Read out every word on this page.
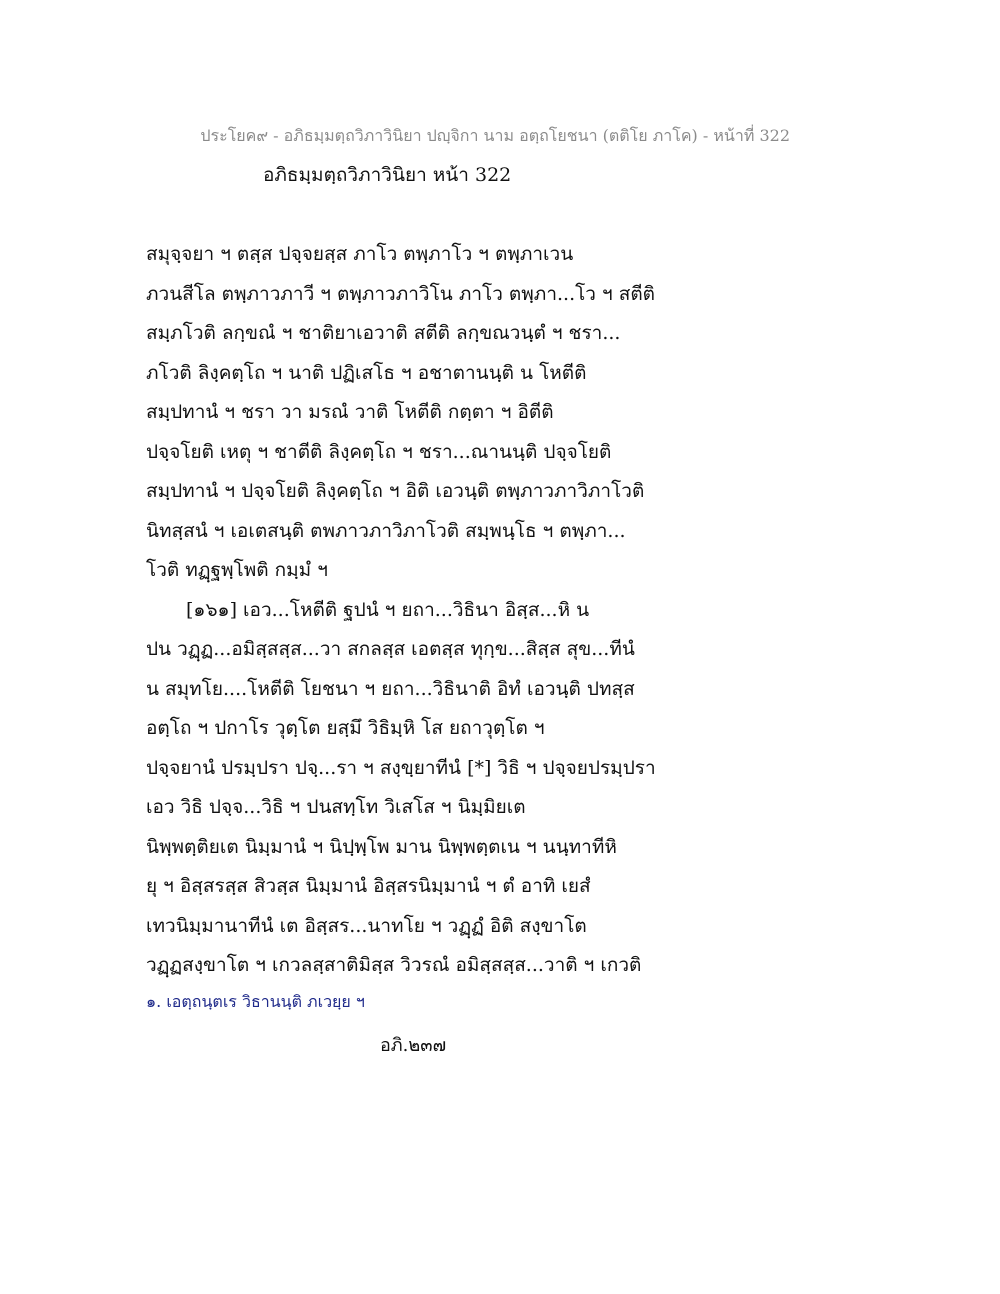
ประโยค๙ - อภิธมฺมตฺถวิภาวินิยา ปญฺจิกา นาม อตฺถโยชนา (ตติโย ภาโค) - หน้าที่ 322
อภิธมฺมตฺถวิภาวินิยา หน้า 322
สมุจฺจยา ฯ ตสฺส ปจฺจยสฺส ภาโว ตพฺภาโว ฯ ตพฺภาเวน
ภวนสีโล ตพฺภาวภาวี ฯ ตพฺภาวภาวิโน ภาโว ตพฺภา...โว ฯ สตีติ
สมฺภโวติ ลกฺขณํ ฯ ชาติยาเอวาติ สตีติ ลกฺขณวนฺตํ ฯ ชรา...
ภโวติ ลิงฺคตฺโถ ฯ นาติ ปฏิเสโธ ฯ อชาตานนฺติ น โหตีติ
สมฺปทานํ ฯ ชรา วา มรณํ วาติ โหตีติ กตฺตา ฯ อิตีติ
ปจฺจโยติ เหตุ ฯ ชาตีติ ลิงฺคตฺโถ ฯ ชรา...ณานนฺติ ปจฺจโยติ
สมฺปทานํ ฯ ปจฺจโยติ ลิงฺคตฺโถ ฯ อิติ เอวนฺติ ตพฺภาวภาวิภาโวติ
นิทสฺสนํ ฯ เอเตสนฺติ ตพภาวภาวิภาโวติ สมฺพนฺโธ ฯ ตพฺภา...
โวติ ทฏฺฐพฺโพติ กมฺมํ ฯ
[๑๖๑] เอว...โหตีติ ฐปนํ ฯ ยถา...วิธินา อิสฺส...หิ น
ปน วฏฺฏ...อมิสฺสสฺส...วา สกลสฺส เอตสฺส ทุกฺข...สิสฺส สุข...ทีนํ
น สมุทโย....โหตีติ โยชนา ฯ ยถา...วิธินาติ อิทํ เอวนฺติ ปทสฺส
อตฺโถ ฯ ปกาโร วุตฺโต ยสฺมึ วิธิมฺหิ โส ยถาวุตฺโต ฯ
ปจฺจยานํ ปรมฺปรา ปจฺ...รา ฯ สงฺขฺยาทีนํ [*] วิธิ ฯ ปจฺจยปรมฺปรา
เอว วิธิ ปจฺจ...วิธิ ฯ ปนสทฺโท วิเสโส ฯ นิมฺมิยเต
นิพฺพตฺติยเต นิมฺมานํ ฯ นิปฺพฺโพ มาน นิพฺพตฺตเน ฯ นนฺทาทีหิ
ยุ ฯ อิสฺสรสฺส สิวสฺส นิมฺมานํ อิสฺสรนิมฺมานํ ฯ ตํ อาทิ เยสํ
เทวนิมฺมานาทีนํ เต อิสฺสร...นาทโย ฯ วฏฺฏํ อิติ สงฺขาโต
วฏฺฏสงฺขาโต ฯ เกวลสฺสาติมิสฺส วิวรณํ อมิสฺสสฺส...วาติ ฯ เกวติ
๑. เอตฺถนฺตเร วิธานนฺติ ภเวยฺย ฯ
อภิ.๒๓๗
